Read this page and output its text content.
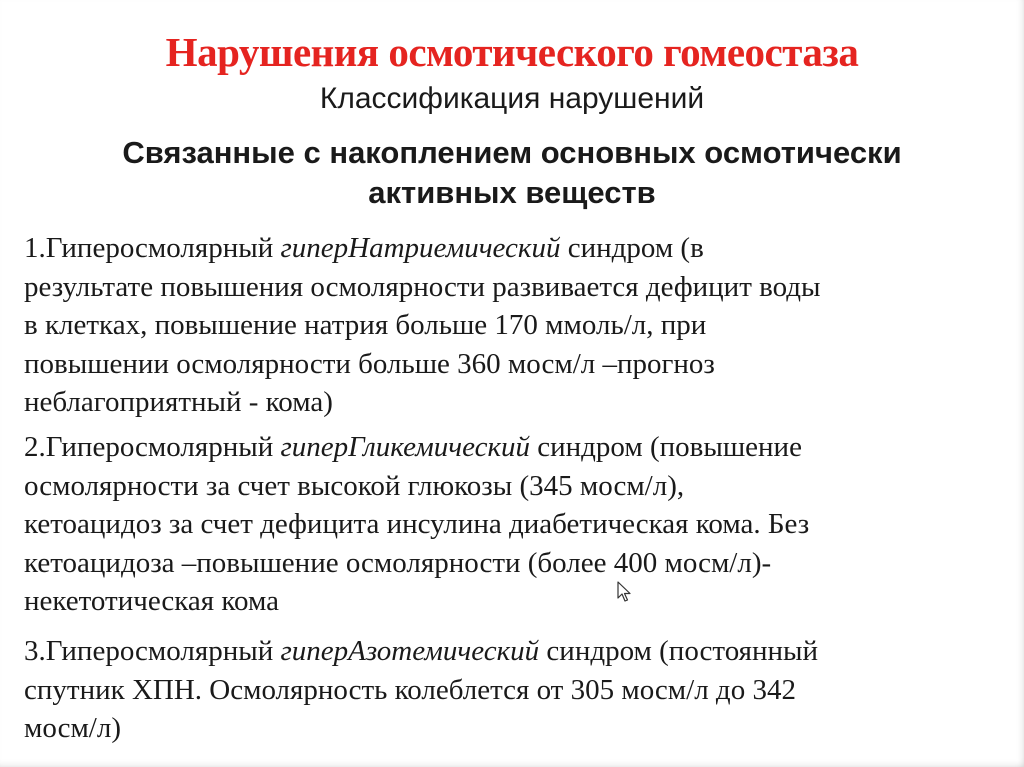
Нарушения осмотического гомеостаза
Классификация нарушений
Связанные с накоплением основных осмотически
активных веществ
1.Гиперосмолярный гиперНатриемический синдром (в
результате повышения осмолярности развивается дефицит воды
в клетках, повышение натрия больше 170 ммоль/л, при
повышении осмолярности больше 360 мосм/л –прогноз
неблагоприятный - кома)
2.Гиперосмолярный гиперГликемический синдром (повышение
осмолярности за счет высокой глюкозы (345 мосм/л),
кетоацидоз за счет дефицита инсулина диабетическая кома. Без
кетоацидоза –повышение осмолярности (более 400 мосм/л)-
некетотическая кома
3.Гиперосмолярный гиперАзотемический синдром (постоянный
спутник ХПН. Осмолярность колеблется от 305 мосм/л до 342
мосм/л)
